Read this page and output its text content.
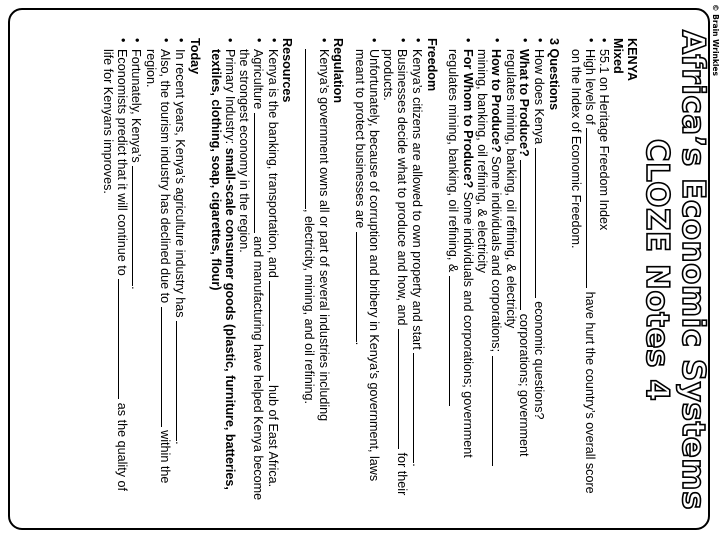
Africa’s Economic Systems
CLOZE Notes 4
KENYA
Mixed
• 55.1 on Heritage Freedom Index
• High levels of  have hurt the country’s overall score on the Index of Economic Freedom.
3 Questions
• How does Kenya  economic questions?
• What to Produce?  corporations; government regulates mining, banking, oil refining, & electricity
• How to Produce? Some individuals and corporations;  mining, banking, oil refining, & electricity
• For Whom to Produce? Some individuals and corporations; government regulates mining, banking, oil refining, &
Freedom
• Kenya’s citizens are allowed to own property and start .
• Businesses decide what to produce and how, and  for their products.
• Unfortunately, because of corruption and bribery in Kenya’s government, laws meant to protect businesses are .
Regulation
• Kenya’s government owns all or part of several industries including , electricity, mining, and oil refining.
Resources
• Kenya is the banking, transportation, and  hub of East Africa.
• Agriculture  and manufacturing have helped Kenya become the strongest economy in the region.
• Primary Industry: small-scale consumer goods (plastic, furniture, batteries, textiles, clothing, soap, cigarettes, flour)
Today
• In recent years, Kenya’s agriculture industry has .
• Also, the tourism industry has declined due to  within the region.
• Fortunately, Kenya’s .
• Economists predict that it will continue to  as the quality of life for Kenyans improves.
© Brain Wrinkles
